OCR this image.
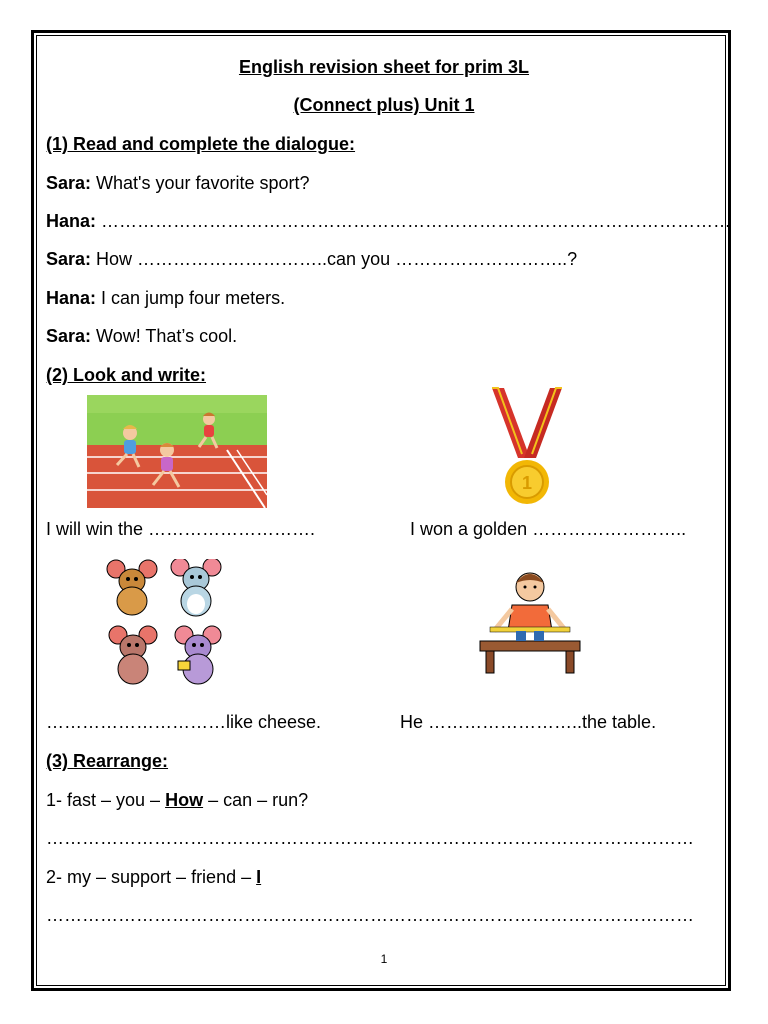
English revision sheet for prim 3L
(Connect plus) Unit 1
(1) Read and complete the dialogue:
Sara: What's your favorite sport?
Hana: ……………………………………………………………………………………………
Sara: How …………………………..can you ………………………..?
Hana: I can jump four meters.
Sara: Wow! That’s cool.
(2) Look and write:
1
I will win the ……………………….	I won a golden ……………………..
…………………………like cheese.	He ……………………..the table.
(3) Rearrange:
1- fast – you – How – can – run?
………………………………………………………………………………………………
2- my – support – friend – I
………………………………………………………………………………………………
1
